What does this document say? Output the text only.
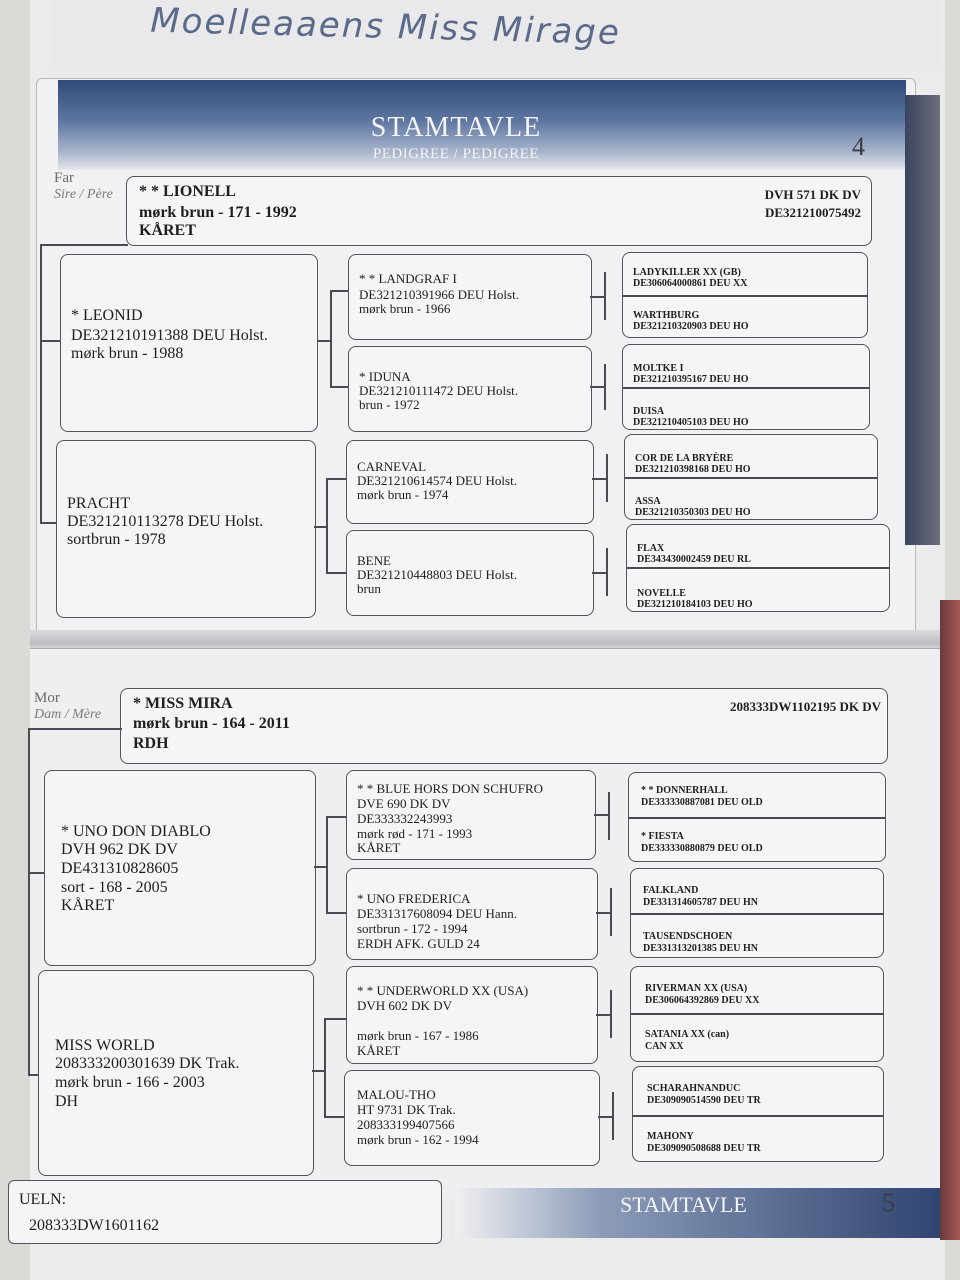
Moelleaaens Miss Mirage
STAMTAVLE
PEDIGREE / PEDIGREE	4
Far
Sire / Père * * LIONELL
mørk brun - 171 - 1992
KÅRET
DVH 571 DK DV
DE321210075492
* LEONID
DE321210191388 DEU Holst.
mørk brun - 1988
PRACHT
DE321210113278 DEU Holst.
sortbrun - 1978
* * LANDGRAF I
DE321210391966 DEU Holst.
mørk brun - 1966
* IDUNA
DE321210111472 DEU Holst.
brun - 1972
CARNEVAL
DE321210614574 DEU Holst.
mørk brun - 1974
BENE
DE321210448803 DEU Holst.
brun
LADYKILLER XX (GB)
DE306064000861 DEU XX
WARTHBURG
DE321210320903 DEU HO
MOLTKE I
DE321210395167 DEU HO
DUISA
DE321210405103 DEU HO
COR DE LA BRYÈRE
DE321210398168 DEU HO
ASSA
DE321210350303 DEU HO
FLAX
DE343430002459 DEU RL
NOVELLE
DE321210184103 DEU HO
Mor
Dam / Mère
* MISS MIRA
mørk brun - 164 - 2011
RDH
208333DW1102195 DK DV
* UNO DON DIABLO
DVH 962 DK DV
DE431310828605
sort - 168 - 2005
KÅRET
MISS WORLD
208333200301639 DK Trak.
mørk brun - 166 - 2003
DH
* * BLUE HORS DON SCHUFRO
DVE 690 DK DV
DE333332243993
mørk rød - 171 - 1993
KÅRET
* UNO FREDERICA
DE331317608094 DEU Hann.
sortbrun - 172 - 1994
ERDH AFK. GULD 24
* * UNDERWORLD XX (USA)
DVH 602 DK DV
mørk brun - 167 - 1986
KÅRET
MALOU-THO
HT 9731 DK Trak.
208333199407566
mørk brun - 162 - 1994
* * DONNERHALL
DE333330887081 DEU OLD
* FIESTA
DE333330880879 DEU OLD
FALKLAND
DE331314605787 DEU HN
TAUSENDSCHOEN
DE331313201385 DEU HN
RIVERMAN XX (USA)
DE306064392869 DEU XX
SATANIA XX (can)
CAN XX
SCHARAHNANDUC
DE309090514590 DEU TR
MAHONY
DE309090508688 DEU TR
UELN:
208333DW1601162
STAMTAVLE	5
